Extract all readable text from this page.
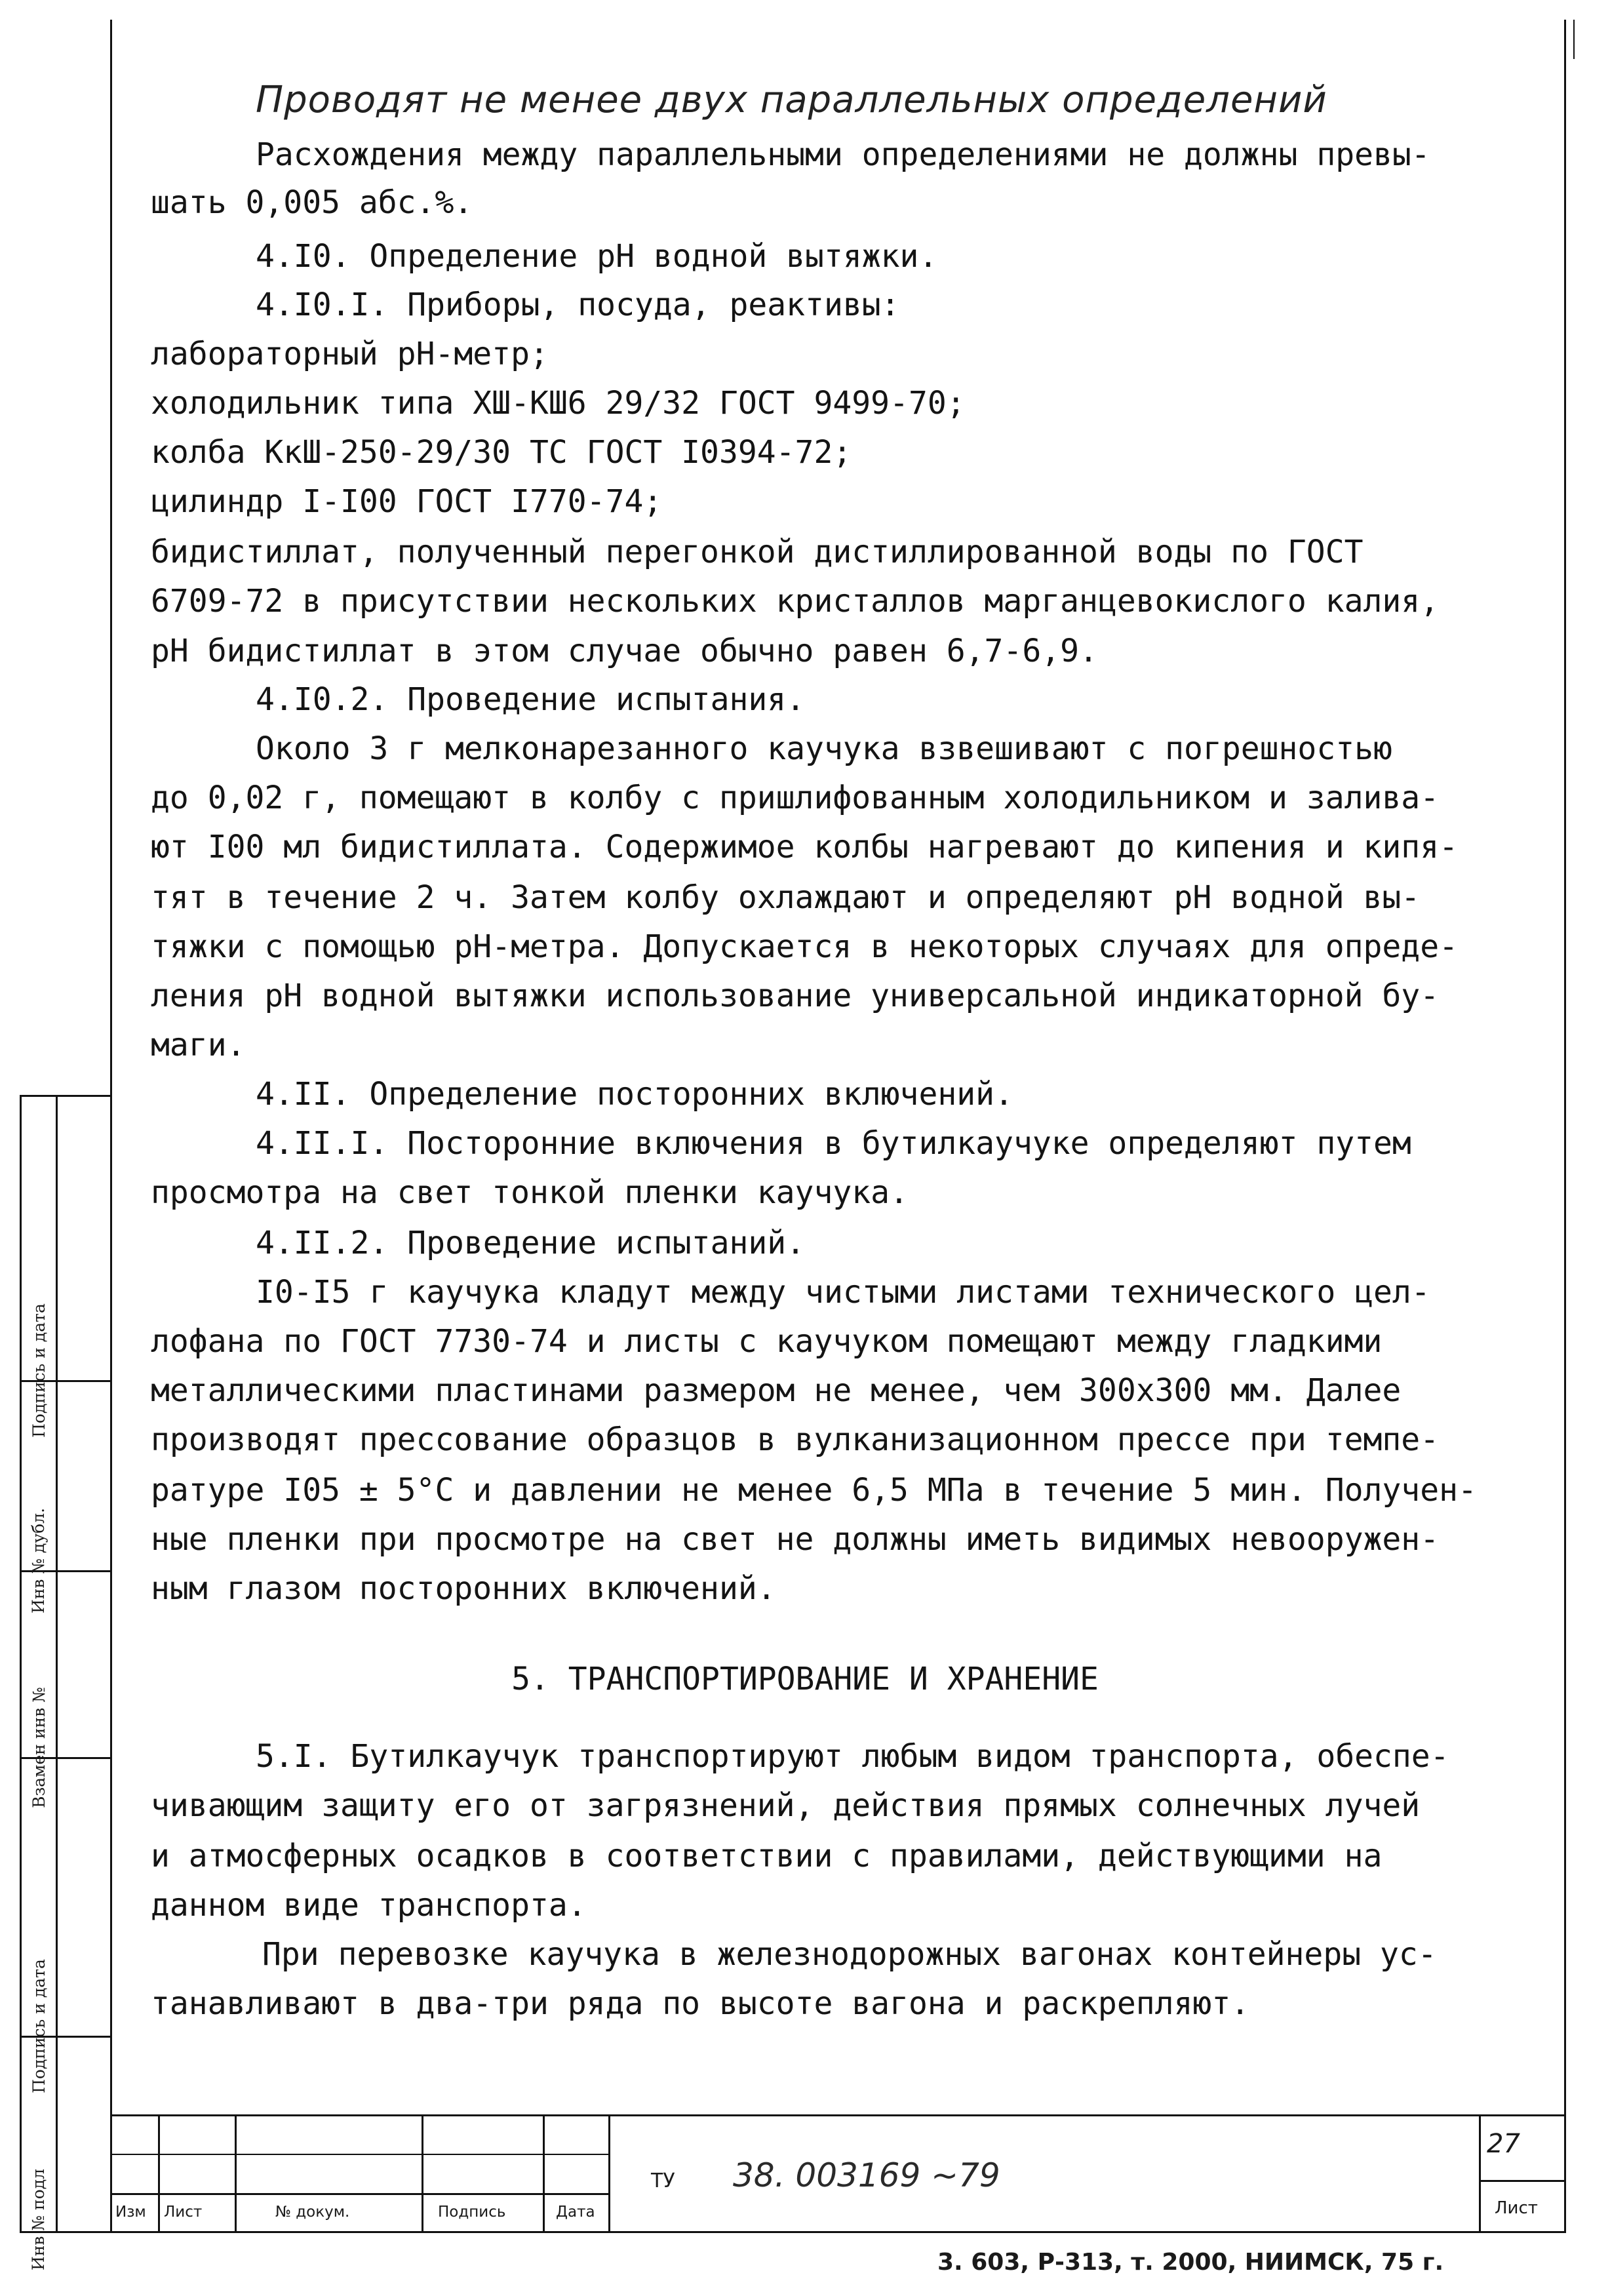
Проводят не менее двух параллельных определений
Расхождения между параллельными определениями не должны превы-
шать 0,005 абс.%.
4.I0. Определение pH водной вытяжки.
4.I0.I. Приборы, посуда, реактивы:
лабораторный pH-метр;
холодильник типа ХШ-КШ6 29/32 ГОСТ 9499-70;
колба КкШ-250-29/30 ТС ГОСТ I0394-72;
цилиндр I-I00 ГОСТ I770-74;
бидистиллат, полученный перегонкой дистиллированной воды по ГОСТ
6709-72 в присутствии нескольких кристаллов марганцевокислого калия,
pH бидистиллат в этом случае обычно равен 6,7-6,9.
4.I0.2. Проведение испытания.
Около 3 г мелконарезанного каучука взвешивают с погрешностью
до 0,02 г, помещают в колбу с пришлифованным холодильником и залива-
ют I00 мл бидистиллата. Содержимое колбы нагревают до кипения и кипя-
тят в течение 2 ч. Затем колбу охлаждают и определяют pH водной вы-
тяжки с помощью pH-метра. Допускается в некоторых случаях для опреде-
ления pH водной вытяжки использование универсальной индикаторной бу-
маги.
4.II. Определение посторонних включений.
4.II.I. Посторонние включения в бутилкаучуке определяют путем
просмотра на свет тонкой пленки каучука.
4.II.2. Проведение испытаний.
I0-I5 г каучука кладут между чистыми листами технического цел-
лофана по ГОСТ 7730-74 и листы с каучуком помещают между гладкими
металлическими пластинами размером не менее, чем 300х300 мм. Далее
производят прессование образцов в вулканизационном прессе при темпе-
ратуре I05 ± 5°С и давлении не менее 6,5 МПа в течение 5 мин. Получен-
ные пленки при просмотре на свет не должны иметь видимых невооружен-
ным глазом посторонних включений.
5. ТРАНСПОРТИРОВАНИЕ И ХРАНЕНИЕ
5.I. Бутилкаучук транспортируют любым видом транспорта, обеспе-
чивающим защиту его от загрязнений, действия прямых солнечных лучей
и атмосферных осадков в соответствии с правилами, действующими на
данном виде транспорта.
При перевозке каучука в железнодорожных вагонах контейнеры ус-
танавливают в два-три ряда по высоте вагона и раскрепляют.
Подпись и дата
Инв № дубл.
Взамен инв №
Подпись и дата
Инв № подл	Изм Лист	№ докум.	Подпись	Дата
ТУ 38. 003169 ~79
27
Лист
3. 603, Р-313, т. 2000, НИИМСК, 75 г.
